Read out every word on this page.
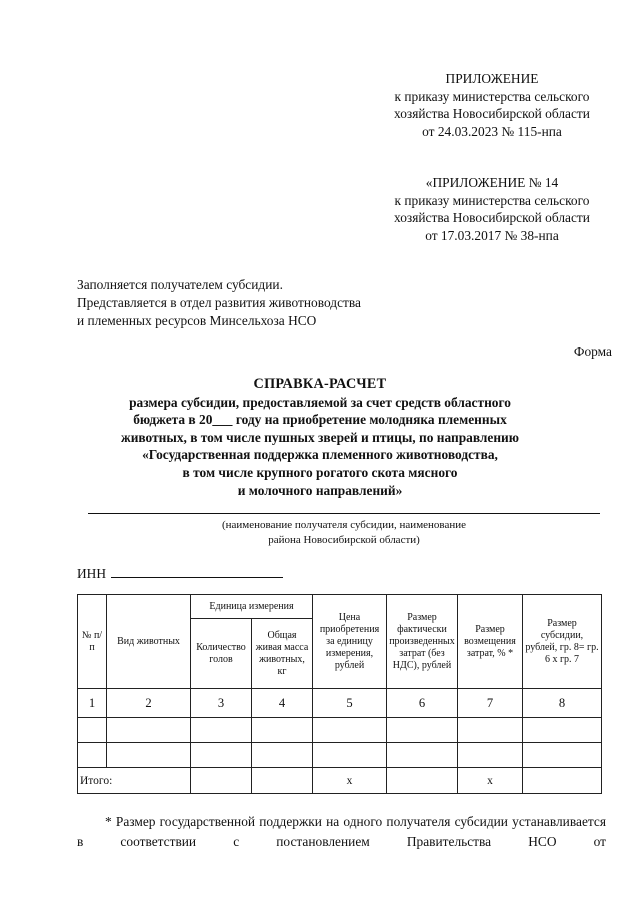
ПРИЛОЖЕНИЕ
к приказу министерства сельского
хозяйства Новосибирской области
от 24.03.2023 № 115-нпа
«ПРИЛОЖЕНИЕ № 14
к приказу министерства сельского
хозяйства Новосибирской области
от 17.03.2017 № 38-нпа
Заполняется получателем субсидии.
Представляется в отдел развития животноводства
и племенных ресурсов Минсельхоза НСО
Форма
СПРАВКА-РАСЧЕТ
размера субсидии, предоставляемой за счет средств областного
бюджета в 20___ году на приобретение молодняка племенных
животных, в том числе пушных зверей и птицы, по направлению
«Государственная поддержка племенного животноводства,
в том числе крупного рогатого скота мясного
и молочного направлений»
(наименование получателя субсидии, наименование
района Новосибирской области)
ИНН
№ п/п	Вид животных	Единица измерения		Цена приобретения за единицу измерения, рублей	Размер фактически произведенных затрат (без НДС), рублей	Размер возмещения затрат, % *	Размер субсидии, рублей, гр. 8= гр. 6 х гр. 7
		Количество голов	Общая живая масса животных, кг				
1	2	3	4	5	6	7	8

Итого:				х		х	
* Размер государственной поддержки на одного получателя субсидии устанавливается в соответствии с постановлением Правительства НСО от
